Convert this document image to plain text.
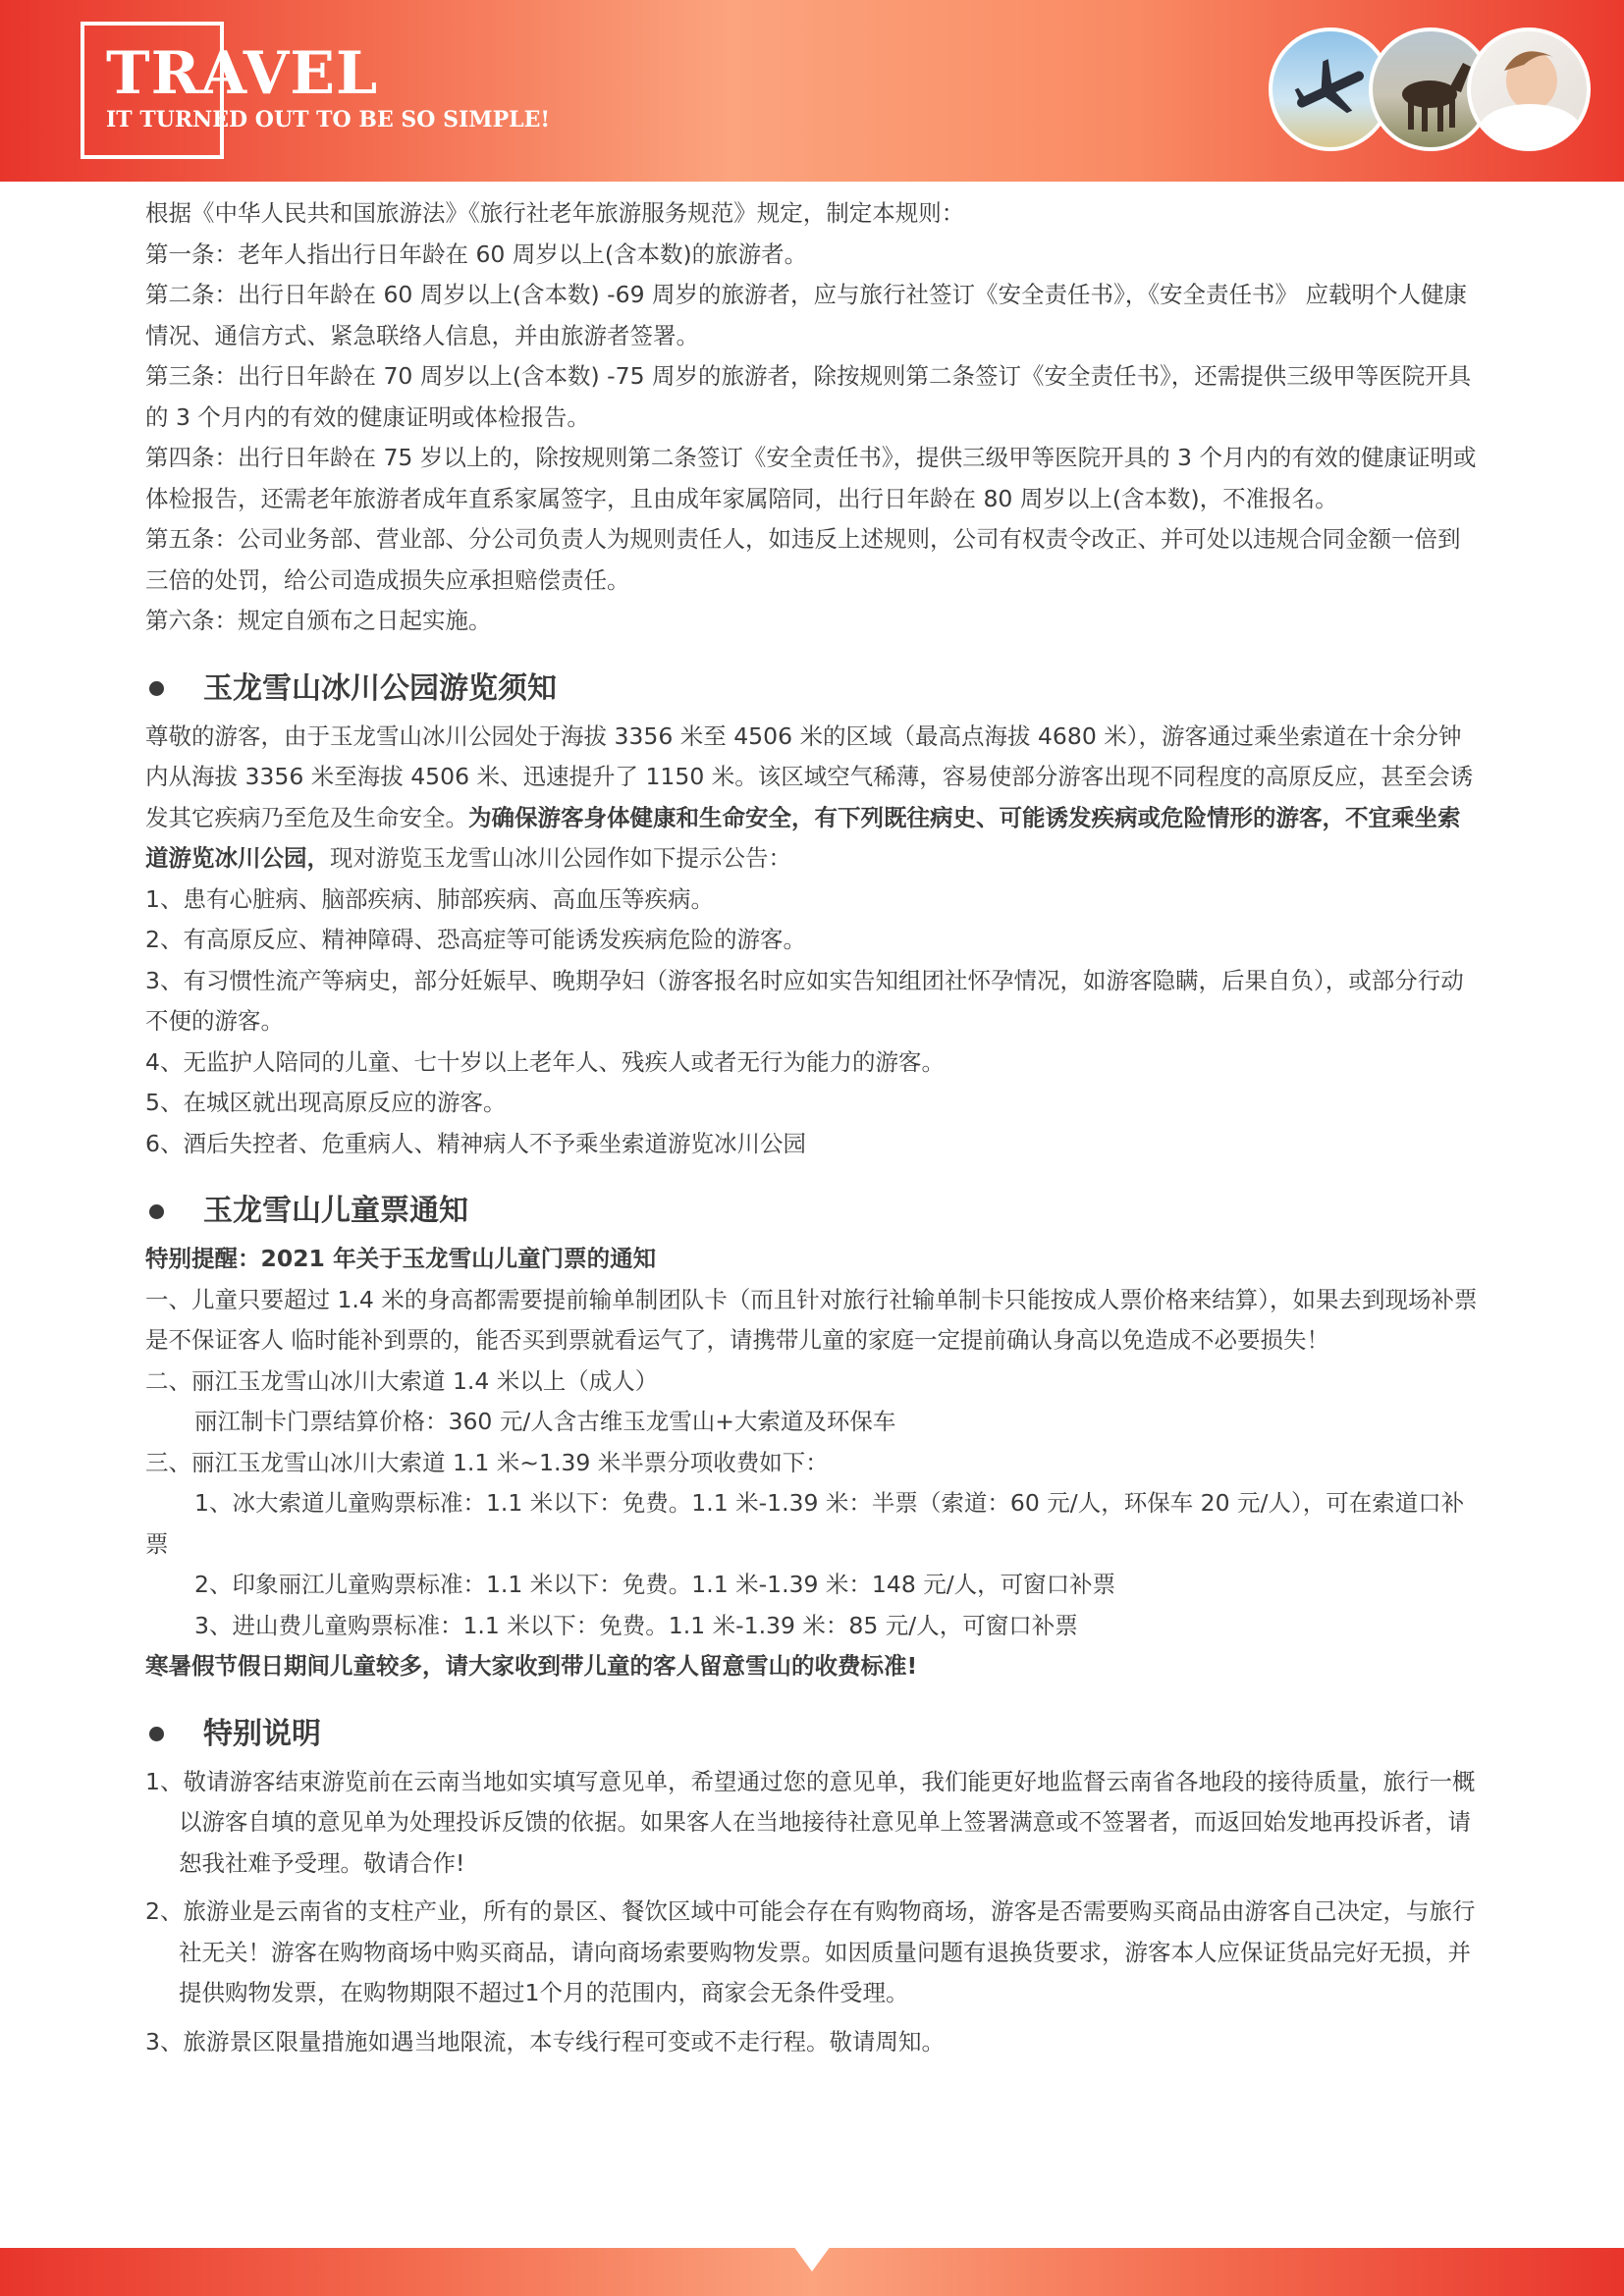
TRAVEL
IT TURNED OUT TO BE SO SIMPLE!

根据《中华人民共和国旅游法》《旅行社老年旅游服务规范》规定，制定本规则：

第一条：老年人指出行日年龄在 60 周岁以上(含本数)的旅游者。

第二条：出行日年龄在 60 周岁以上(含本数) -69 周岁的旅游者，应与旅行社签订《安全责任书》，《安全责任书》 应载明个人健康情况、通信方式、紧急联络人信息，并由旅游者签署。

第三条：出行日年龄在 70 周岁以上(含本数) -75 周岁的旅游者，除按规则第二条签订《安全责任书》，还需提供三级甲等医院开具的 3 个月内的有效的健康证明或体检报告。

第四条：出行日年龄在 75 岁以上的，除按规则第二条签订《安全责任书》，提供三级甲等医院开具的 3 个月内的有效的健康证明或体检报告，还需老年旅游者成年直系家属签字，且由成年家属陪同，出行日年龄在 80 周岁以上(含本数)，不准报名。

第五条：公司业务部、营业部、分公司负责人为规则责任人，如违反上述规则，公司有权责令改正、并可处以违规合同金额一倍到三倍的处罚，给公司造成损失应承担赔偿责任。

第六条：规定自颁布之日起实施。

玉龙雪山冰川公园游览须知

尊敬的游客，由于玉龙雪山冰川公园处于海拔 3356 米至 4506 米的区域（最高点海拔 4680 米），游客通过乘坐索道在十余分钟内从海拔 3356 米至海拔 4506 米、迅速提升了 1150 米。该区域空气稀薄，容易使部分游客出现不同程度的高原反应，甚至会诱发其它疾病乃至危及生命安全。为确保游客身体健康和生命安全，有下列既往病史、可能诱发疾病或危险情形的游客，不宜乘坐索道游览冰川公园，现对游览玉龙雪山冰川公园作如下提示公告：

1、患有心脏病、脑部疾病、肺部疾病、高血压等疾病。

2、有高原反应、精神障碍、恐高症等可能诱发疾病危险的游客。

3、有习惯性流产等病史，部分妊娠早、晚期孕妇（游客报名时应如实告知组团社怀孕情况，如游客隐瞒，后果自负），或部分行动不便的游客。

4、无监护人陪同的儿童、七十岁以上老年人、残疾人或者无行为能力的游客。

5、在城区就出现高原反应的游客。

6、酒后失控者、危重病人、精神病人不予乘坐索道游览冰川公园

玉龙雪山儿童票通知

特别提醒：2021 年关于玉龙雪山儿童门票的通知

一、儿童只要超过 1.4 米的身高都需要提前输单制团队卡（而且针对旅行社输单制卡只能按成人票价格来结算），如果去到现场补票是不保证客人 临时能补到票的，能否买到票就看运气了，请携带儿童的家庭一定提前确认身高以免造成不必要损失！

二、丽江玉龙雪山冰川大索道 1.4 米以上（成人）

丽江制卡门票结算价格：360 元/人含古维玉龙雪山+大索道及环保车

三、丽江玉龙雪山冰川大索道 1.1 米~1.39 米半票分项收费如下：

1、冰大索道儿童购票标准：1.1 米以下：免费。1.1 米-1.39 米：半票（索道：60 元/人，环保车 20 元/人），可在索道口补票

2、印象丽江儿童购票标准：1.1 米以下：免费。1.1 米-1.39 米：148 元/人，可窗口补票

3、进山费儿童购票标准：1.1 米以下：免费。1.1 米-1.39 米：85 元/人，可窗口补票

寒暑假节假日期间儿童较多，请大家收到带儿童的客人留意雪山的收费标准!

特别说明

1、敬请游客结束游览前在云南当地如实填写意见单，希望通过您的意见单，我们能更好地监督云南省各地段的接待质量，旅行一概以游客自填的意见单为处理投诉反馈的依据。如果客人在当地接待社意见单上签署满意或不签署者，而返回始发地再投诉者，请恕我社难予受理。敬请合作!

2、旅游业是云南省的支柱产业，所有的景区、餐饮区域中可能会存在有购物商场，游客是否需要购买商品由游客自己决定，与旅行社无关！游客在购物商场中购买商品，请向商场索要购物发票。如因质量问题有退换货要求，游客本人应保证货品完好无损，并提供购物发票，在购物期限不超过1个月的范围内，商家会无条件受理。

3、旅游景区限量措施如遇当地限流，本专线行程可变或不走行程。敬请周知。
